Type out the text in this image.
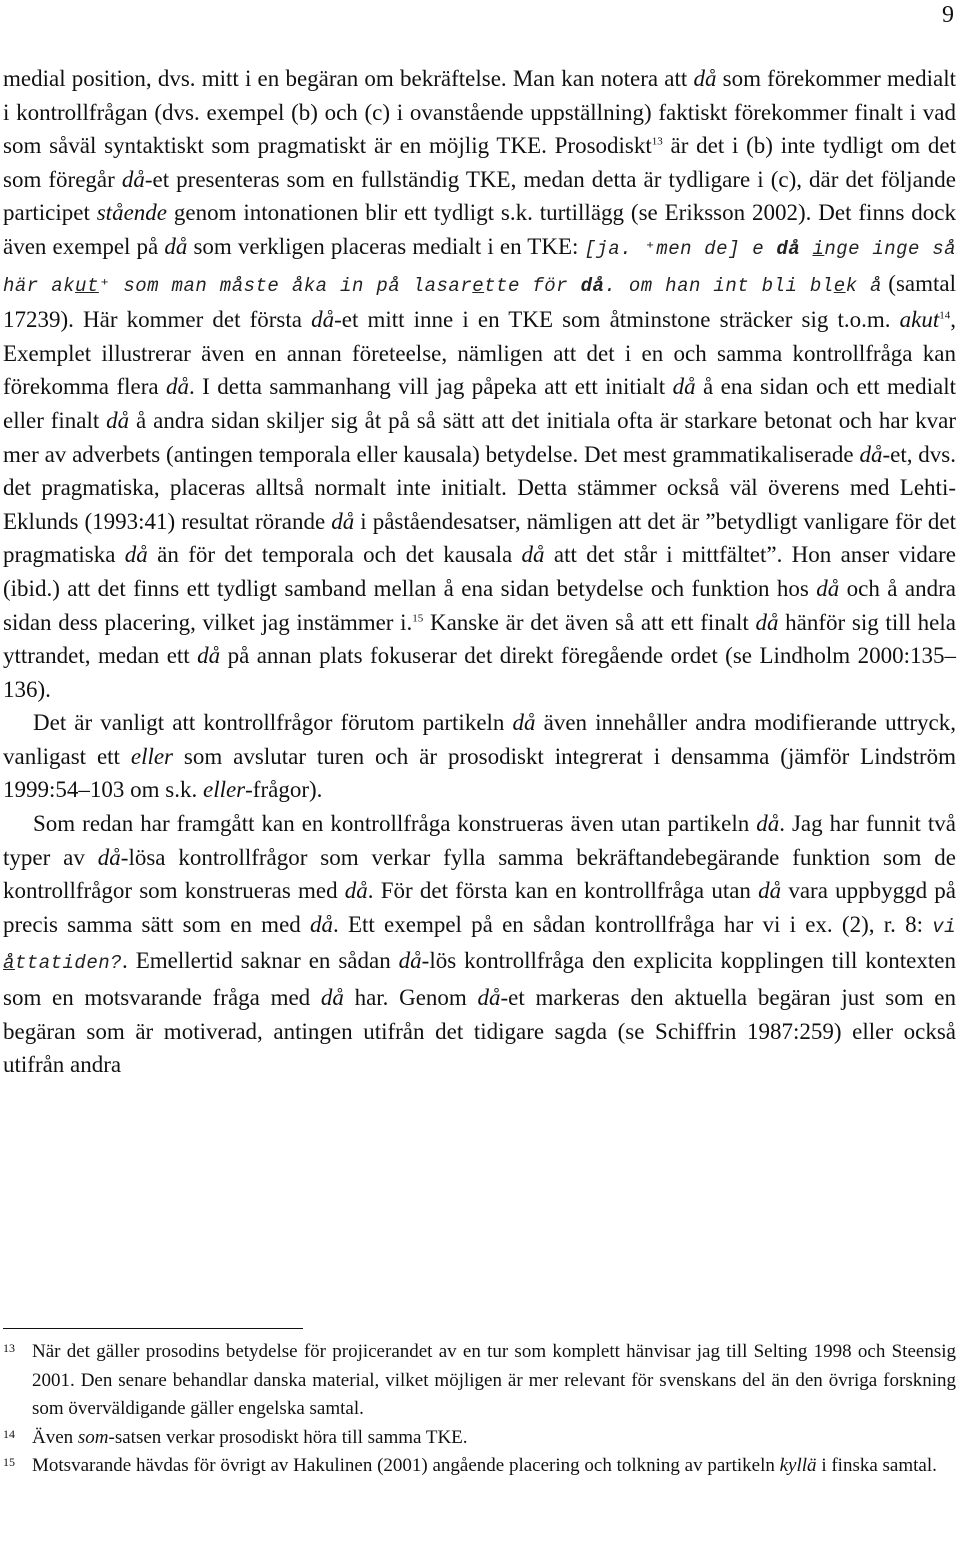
9

medial position, dvs. mitt i en begäran om bekräftelse. Man kan notera att då som förekommer medialt i kontrollfrågan (dvs. exempel (b) och (c) i ovanstående uppställning) faktiskt förekommer finalt i vad som såväl syntaktiskt som pragmatiskt är en möjlig TKE. Prosodiskt$^{13}$ är det i (b) inte tydligt om det som föregår då-et presenteras som en fullständig TKE, medan detta är tydligare i (c), där det följande participet stående genom intonationen blir ett tydligt s.k. turtillägg (se Eriksson 2002). Det finns dock även exempel på då som verkligen placeras medialt i en TKE: [ja. ⁺men de] e då inge inge så här akut⁺ som man måste åka in på lasarette för då. om han int bli blek å (samtal 17239). Här kommer det första då-et mitt inne i en TKE som åtminstone sträcker sig t.o.m. akut$^{14}$, Exemplet illustrerar även en annan företeelse, nämligen att det i en och samma kontrollfråga kan förekomma flera då. I detta sammanhang vill jag påpeka att ett initialt då å ena sidan och ett medialt eller finalt då å andra sidan skiljer sig åt på så sätt att det initiala ofta är starkare betonat och har kvar mer av adverbets (antingen temporala eller kausala) betydelse. Det mest grammatikaliserade då-et, dvs. det pragmatiska, placeras alltså normalt inte initialt. Detta stämmer också väl överens med Lehti-Eklunds (1993:41) resultat rörande då i påståendesatser, nämligen att det är ”betydligt vanligare för det pragmatiska då än för det temporala och det kausala då att det står i mittfältet”. Hon anser vidare (ibid.) att det finns ett tydligt samband mellan å ena sidan betydelse och funktion hos då och å andra sidan dess placering, vilket jag instämmer i.$^{15}$ Kanske är det även så att ett finalt då hänför sig till hela yttrandet, medan ett då på annan plats fokuserar det direkt föregående ordet (se Lindholm 2000:135–136).

Det är vanligt att kontrollfrågor förutom partikeln då även innehåller andra modifierande uttryck, vanligast ett eller som avslutar turen och är prosodiskt integrerat i densamma (jämför Lindström 1999:54–103 om s.k. eller-frågor).

Som redan har framgått kan en kontrollfråga konstrueras även utan partikeln då. Jag har funnit två typer av då-lösa kontrollfrågor som verkar fylla samma bekräftandebegärande funktion som de kontrollfrågor som konstrueras med då. För det första kan en kontrollfråga utan då vara uppbyggd på precis samma sätt som en med då. Ett exempel på en sådan kontrollfråga har vi i ex. (2), r. 8: vi åttatiden?. Emellertid saknar en sådan då-lös kontrollfråga den explicita kopplingen till kontexten som en motsvarande fråga med då har. Genom då-et markeras den aktuella begäran just som en begäran som är motiverad, antingen utifrån det tidigare sagda (se Schiffrin 1987:259) eller också utifrån andra

13 När det gäller prosodins betydelse för projicerandet av en tur som komplett hänvisar jag till Selting 1998 och Steensig 2001. Den senare behandlar danska material, vilket möjligen är mer relevant för svenskans del än den övriga forskning som överväldigande gäller engelska samtal.
14 Även som-satsen verkar prosodiskt höra till samma TKE.
15 Motsvarande hävdas för övrigt av Hakulinen (2001) angående placering och tolkning av partikeln kyllä i finska samtal.
